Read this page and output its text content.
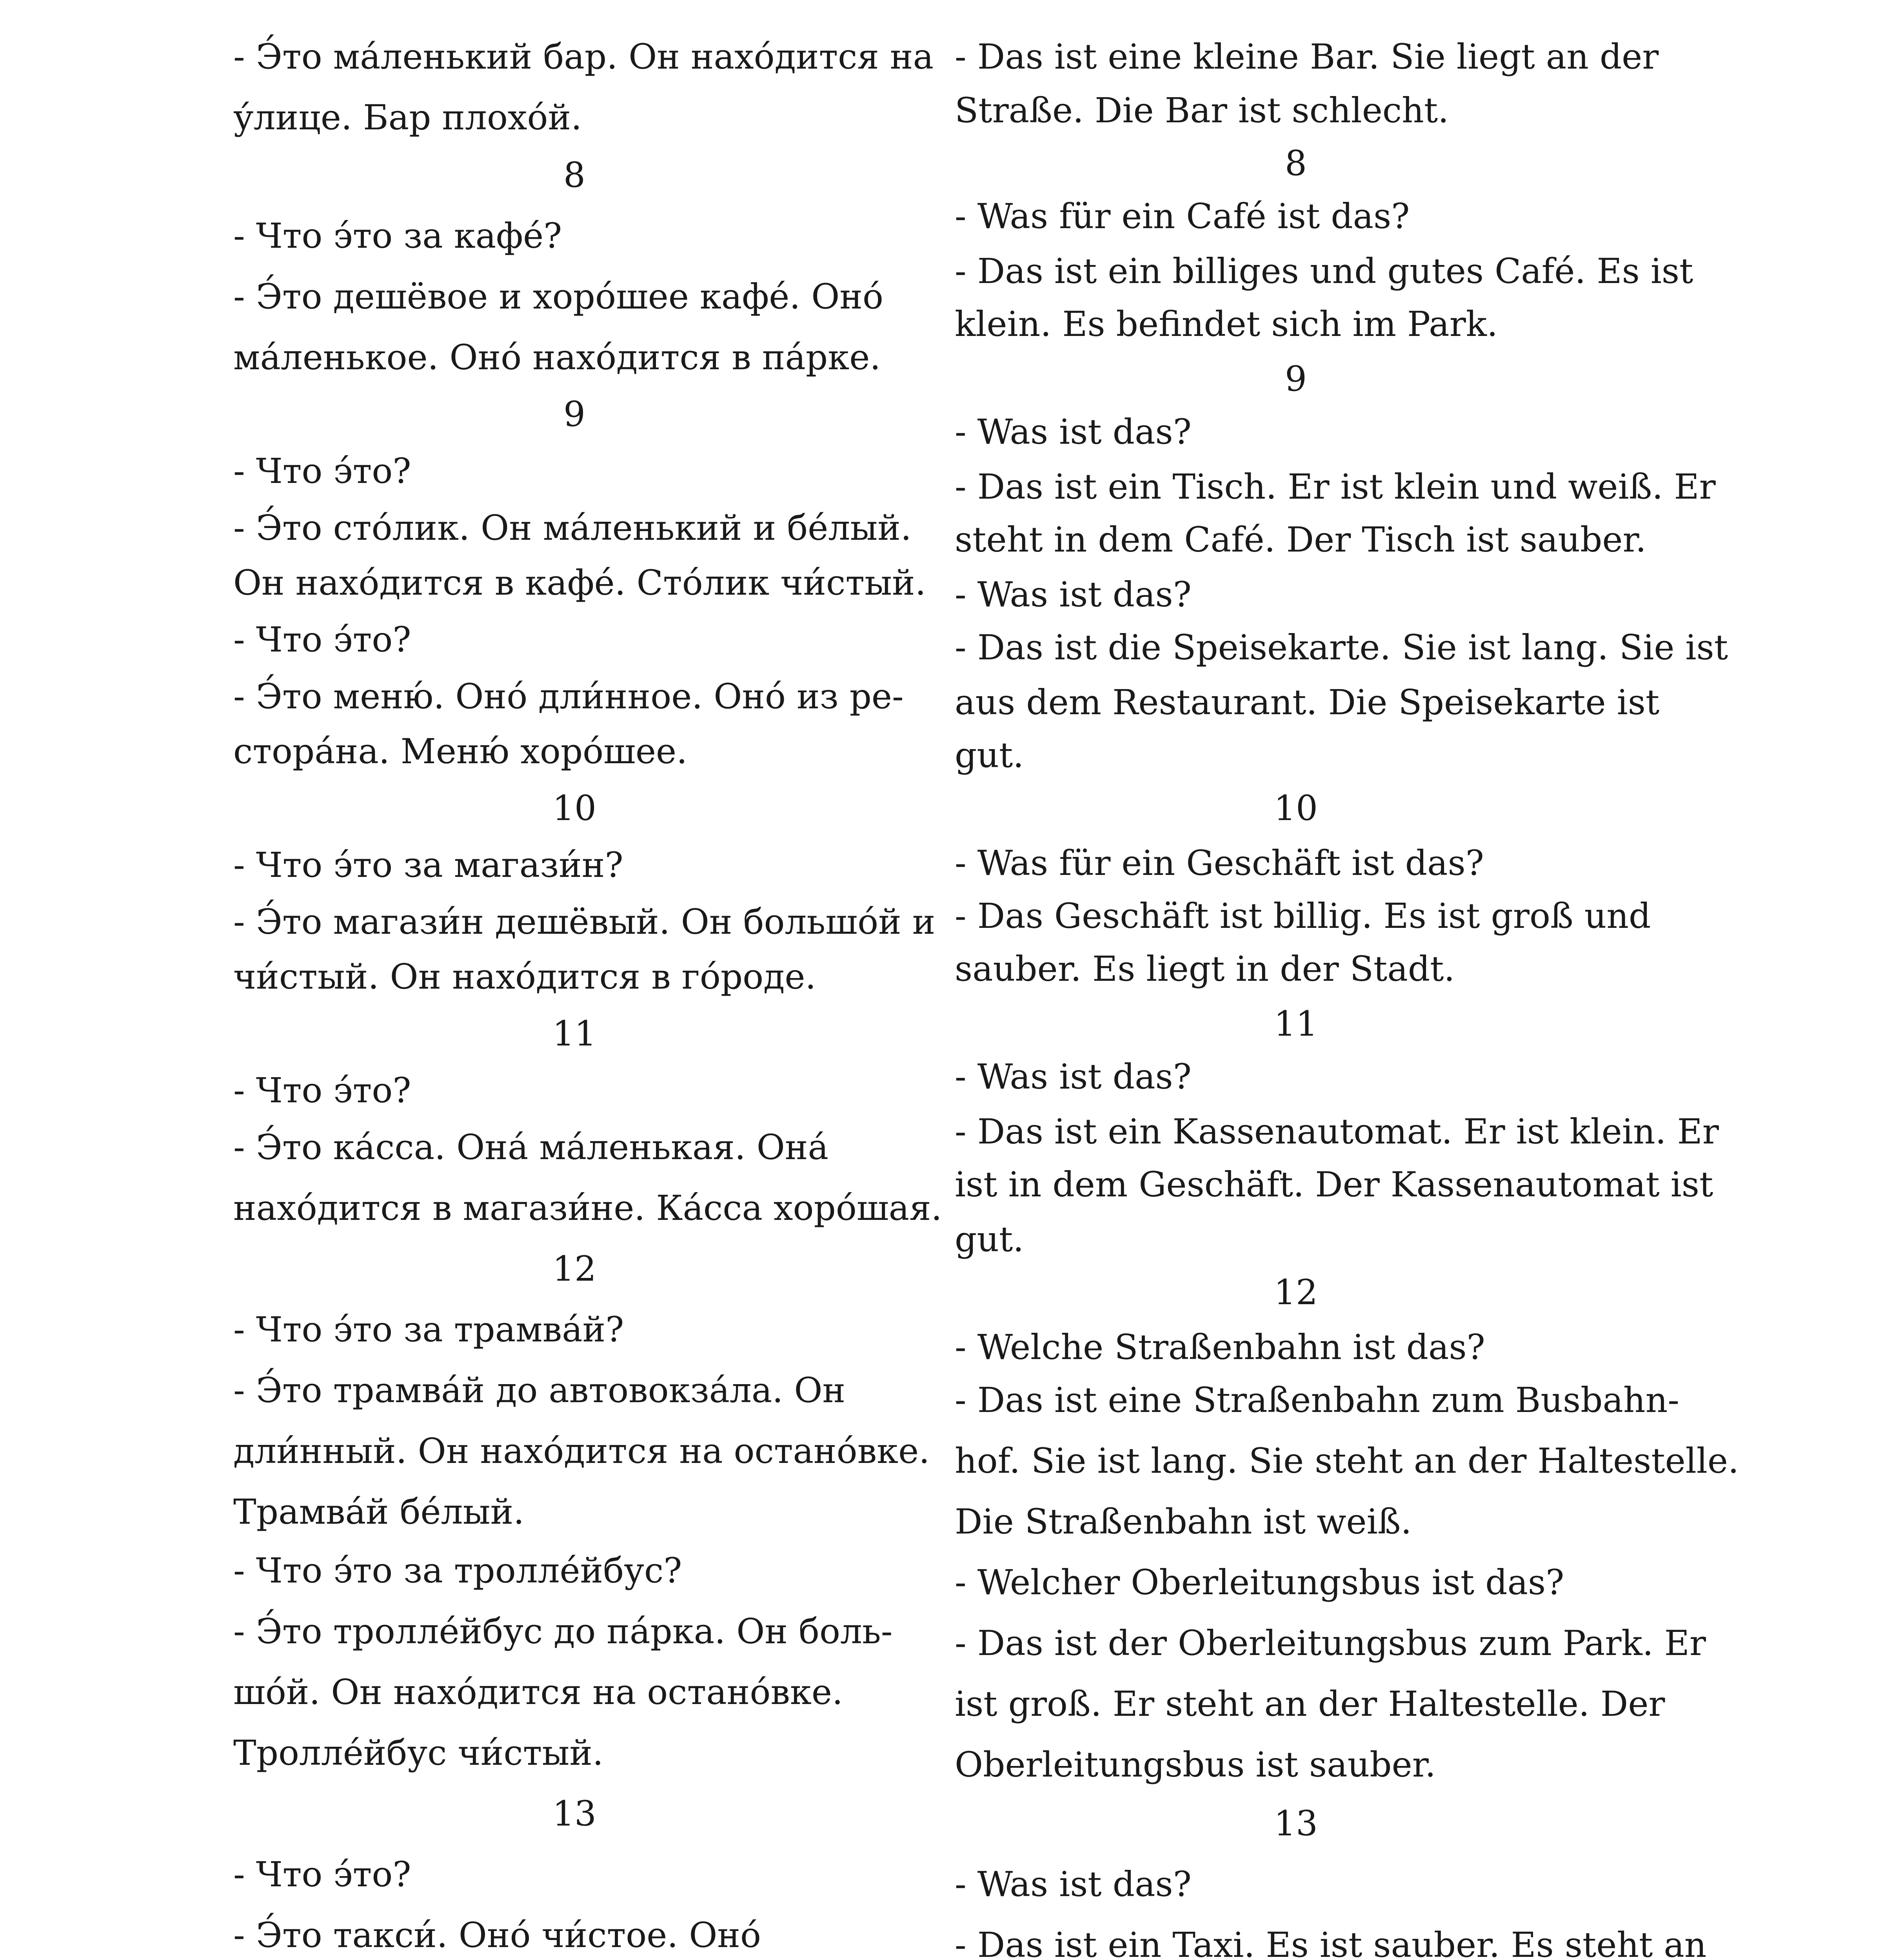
- Э́то ма́ленький бар. Он нахо́дится на
у́лице. Бар плохо́й.
8
- Что э́то за кафе́?
- Э́то дешёвое и хоро́шее кафе́. Оно́
ма́ленькое. Оно́ нахо́дится в па́рке.
9
- Что э́то?
- Э́то сто́лик. Он ма́ленький и бе́лый.
Он нахо́дится в кафе́. Сто́лик чи́стый.
- Что э́то?
- Э́то меню́. Оно́ дли́нное. Оно́ из ре-
стора́на. Меню́ хоро́шее.
10
- Что э́то за магази́н?
- Э́то магази́н дешёвый. Он большо́й и
чи́стый. Он нахо́дится в го́роде.
11
- Что э́то?
- Э́то ка́сса. Она́ ма́ленькая. Она́
нахо́дится в магази́не. Ка́сса хоро́шая.
12
- Что э́то за трамва́й?
- Э́то трамва́й до автовокза́ла. Он
дли́нный. Он нахо́дится на остано́вке.
Трамва́й бе́лый.
- Что э́то за тролле́йбус?
- Э́то тролле́йбус до па́рка. Он боль-
шо́й. Он нахо́дится на остано́вке.
Тролле́йбус чи́стый.
13
- Что э́то?
- Э́то такси́. Оно́ чи́стое. Оно́
- Das ist eine kleine Bar. Sie liegt an der
Straße. Die Bar ist schlecht.
8
- Was für ein Café ist das?
- Das ist ein billiges und gutes Café. Es ist
klein. Es befindet sich im Park.
9
- Was ist das?
- Das ist ein Tisch. Er ist klein und weiß. Er
steht in dem Café. Der Tisch ist sauber.
- Was ist das?
- Das ist die Speisekarte. Sie ist lang. Sie ist
aus dem Restaurant. Die Speisekarte ist
gut.
10
- Was für ein Geschäft ist das?
- Das Geschäft ist billig. Es ist groß und
sauber. Es liegt in der Stadt.
11
- Was ist das?
- Das ist ein Kassenautomat. Er ist klein. Er
ist in dem Geschäft. Der Kassenautomat ist
gut.
12
- Welche Straßenbahn ist das?
- Das ist eine Straßenbahn zum Busbahn-
hof. Sie ist lang. Sie steht an der Haltestelle.
Die Straßenbahn ist weiß.
- Welcher Oberleitungsbus ist das?
- Das ist der Oberleitungsbus zum Park. Er
ist groß. Er steht an der Haltestelle. Der
Oberleitungsbus ist sauber.
13
- Was ist das?
- Das ist ein Taxi. Es ist sauber. Es steht an
